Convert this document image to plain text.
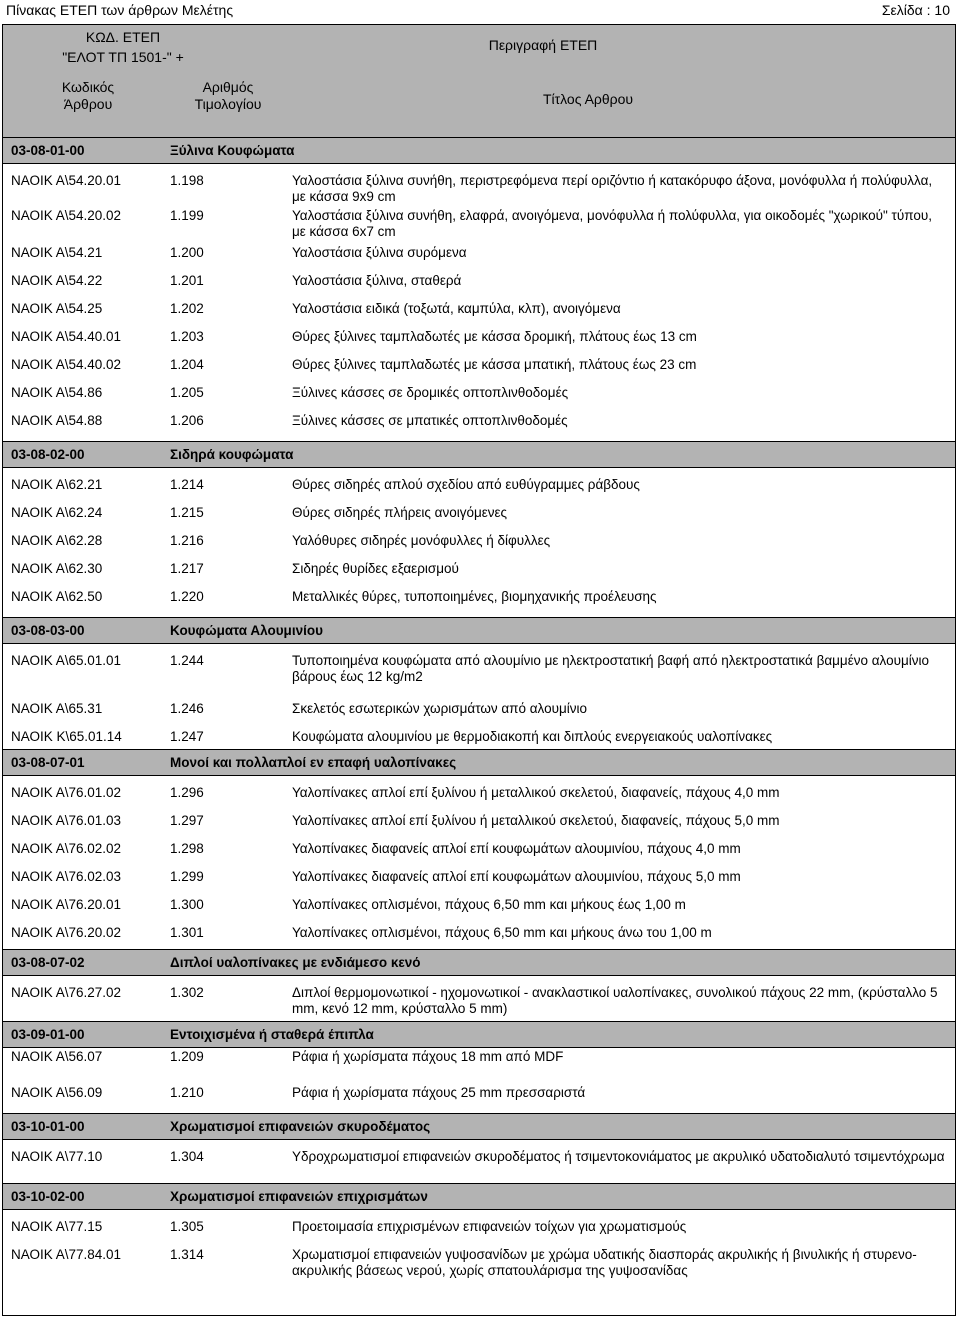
Πίνακας ΕΤΕΠ των άρθρων Μελέτης	Σελίδα : 10
ΚΩΔ. ΕΤΕΠ
"ΕΛΟΤ ΤΠ 1501-" +
Περιγραφή ΕΤΕΠ
Κωδικός
Άρθρου
Αριθμός
Τιμολογίου	Τίτλος Αρθρου
03-08-01-00	Ξύλινα Κουφώματα
ΝΑΟΙΚ Α\54.20.01	1.198	Υαλοστάσια ξύλινα συνήθη, περιστρεφόμενα περί οριζόντιο ή κατακόρυφο άξονα, μονόφυλλα ή πολύφυλλα, με κάσσα 9x9 cm
ΝΑΟΙΚ Α\54.20.02	1.199	Υαλοστάσια ξύλινα συνήθη, ελαφρά, ανοιγόμενα, μονόφυλλα ή πολύφυλλα, για οικοδομές "χωρικού" τύπου, με κάσσα 6x7 cm
ΝΑΟΙΚ Α\54.21	1.200	Υαλοστάσια ξύλινα συρόμενα
ΝΑΟΙΚ Α\54.22	1.201	Υαλοστάσια ξύλινα, σταθερά
ΝΑΟΙΚ Α\54.25	1.202	Υαλοστάσια ειδικά (τοξωτά, καμπύλα, κλπ), ανοιγόμενα
ΝΑΟΙΚ Α\54.40.01	1.203	Θύρες ξύλινες ταμπλαδωτές με κάσσα δρομική, πλάτους έως 13 cm
ΝΑΟΙΚ Α\54.40.02	1.204	Θύρες ξύλινες ταμπλαδωτές με κάσσα μπατική, πλάτους έως 23 cm
ΝΑΟΙΚ Α\54.86	1.205	Ξύλινες κάσσες σε δρομικές οπτοπλινθοδομές
ΝΑΟΙΚ Α\54.88	1.206	Ξύλινες κάσσες σε μπατικές οπτοπλινθοδομές
03-08-02-00	Σιδηρά κουφώματα
ΝΑΟΙΚ Α\62.21	1.214	Θύρες σιδηρές απλού σχεδίου από ευθύγραμμες ράβδους
ΝΑΟΙΚ Α\62.24	1.215	Θύρες σιδηρές πλήρεις ανοιγόμενες
ΝΑΟΙΚ Α\62.28	1.216	Υαλόθυρες σιδηρές μονόφυλλες ή δίφυλλες
ΝΑΟΙΚ Α\62.30	1.217	Σιδηρές θυρίδες εξαερισμού
ΝΑΟΙΚ Α\62.50	1.220	Μεταλλικές θύρες, τυποποιημένες, βιομηχανικής προέλευσης
03-08-03-00	Κουφώματα Αλουμινίου
ΝΑΟΙΚ Α\65.01.01	1.244	Τυποποιημένα κουφώματα από αλουμίνιο με ηλεκτροστατική βαφή από ηλεκτροστατικά βαμμένο αλουμίνιο βάρους έως 12 kg/m2
ΝΑΟΙΚ Α\65.31	1.246	Σκελετός εσωτερικών χωρισμάτων από αλουμίνιο
ΝΑΟΙΚ Κ\65.01.14	1.247	Κουφώματα αλουμινίου με θερμοδιακοπή και διπλούς ενεργειακούς υαλοπίνακες
03-08-07-01	Μονοί και πολλαπλοί εν επαφή υαλοπίνακες
ΝΑΟΙΚ Α\76.01.02	1.296	Υαλοπίνακες απλοί επί ξυλίνου ή μεταλλικού σκελετού, διαφανείς, πάχους 4,0 mm
ΝΑΟΙΚ Α\76.01.03	1.297	Υαλοπίνακες απλοί επί ξυλίνου ή μεταλλικού σκελετού, διαφανείς, πάχους 5,0 mm
ΝΑΟΙΚ Α\76.02.02	1.298	Υαλοπίνακες διαφανείς απλοί επί κουφωμάτων αλουμινίου, πάχους 4,0 mm
ΝΑΟΙΚ Α\76.02.03	1.299	Υαλοπίνακες διαφανείς απλοί επί κουφωμάτων αλουμινίου, πάχους 5,0 mm
ΝΑΟΙΚ Α\76.20.01	1.300	Υαλοπίνακες οπλισμένοι, πάχους 6,50 mm και μήκους έως 1,00 m
ΝΑΟΙΚ Α\76.20.02	1.301	Υαλοπίνακες οπλισμένοι, πάχους 6,50 mm και μήκους άνω του 1,00 m
03-08-07-02	Διπλοί υαλοπίνακες με ενδιάμεσο κενό
ΝΑΟΙΚ Α\76.27.02	1.302	Διπλοί θερμομονωτικοί - ηχομονωτικοί - ανακλαστικοί υαλοπίνακες, συνολικού πάχους 22 mm, (κρύσταλλο 5 mm, κενό 12 mm, κρύσταλλο 5 mm)
03-09-01-00	Εντοιχισμένα ή σταθερά έπιπλα
ΝΑΟΙΚ Α\56.07	1.209	Ράφια ή χωρίσματα πάχους 18 mm από MDF
ΝΑΟΙΚ Α\56.09	1.210	Ράφια ή χωρίσματα πάχους 25 mm πρεσσαριστά
03-10-01-00	Χρωματισμοί επιφανειών σκυροδέματος
ΝΑΟΙΚ Α\77.10	1.304	Υδροχρωματισμοί επιφανειών σκυροδέματος ή τσιμεντοκονιάματος με ακρυλικό υδατοδιαλυτό τσιμεντόχρωμα
03-10-02-00	Χρωματισμοί επιφανειών επιχρισμάτων
ΝΑΟΙΚ Α\77.15	1.305	Προετοιμασία επιχρισμένων επιφανειών τοίχων για χρωματισμούς
ΝΑΟΙΚ Α\77.84.01	1.314	Χρωματισμοί επιφανειών γυψοσανίδων με χρώμα υδατικής διασποράς ακρυλικής ή βινυλικής ή στυρενο-ακρυλικής βάσεως νερού, χωρίς σπατουλάρισμα της γυψοσανίδας
